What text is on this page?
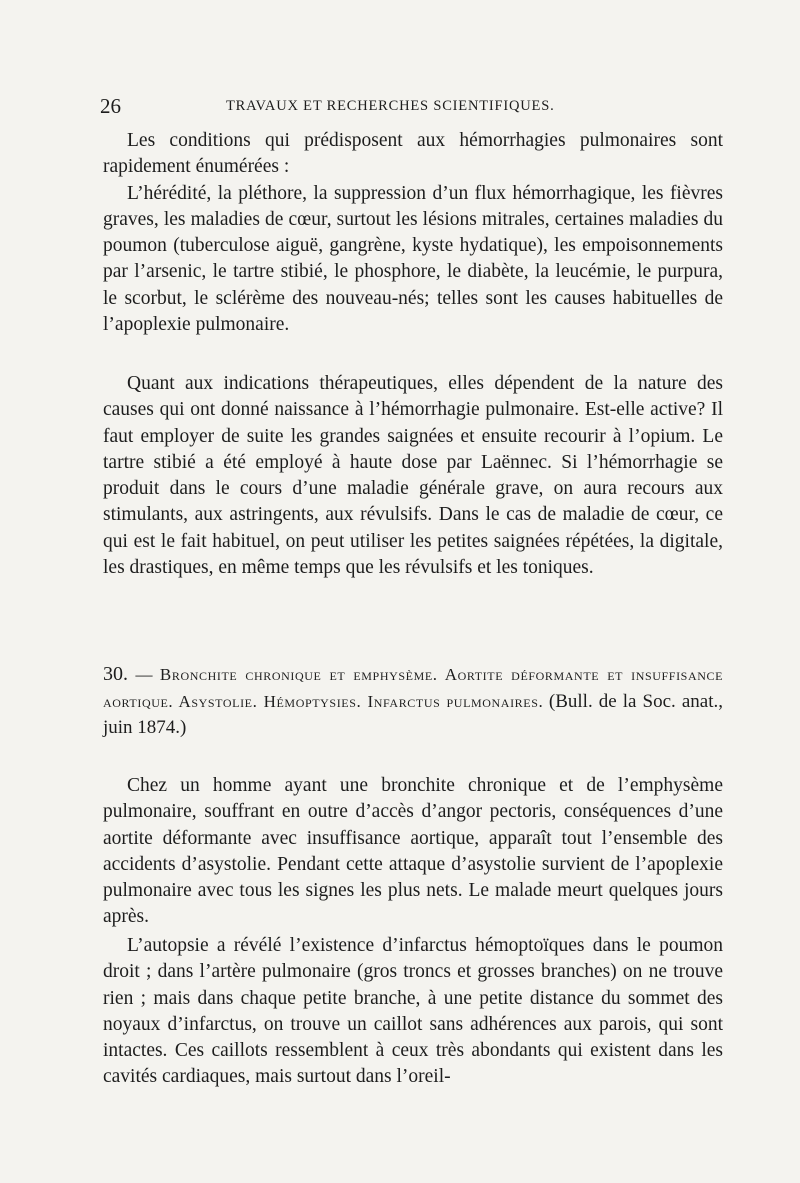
26	TRAVAUX ET RECHERCHES SCIENTIFIQUES.

Les conditions qui prédisposent aux hémorrhagies pulmonaires sont rapidement énumérées :

L’hérédité, la pléthore, la suppression d’un flux hémorrhagique, les fièvres graves, les maladies de cœur, surtout les lésions mitrales, certaines maladies du poumon (tuberculose aiguë, gangrène, kyste hydatique), les empoisonnements par l’arsenic, le tartre stibié, le phosphore, le diabète, la leucémie, le purpura, le scorbut, le sclérème des nouveau-nés; telles sont les causes habituelles de l’apoplexie pulmonaire.

Quant aux indications thérapeutiques, elles dépendent de la nature des causes qui ont donné naissance à l’hémorrhagie pulmonaire. Est-elle active? Il faut employer de suite les grandes saignées et ensuite recourir à l’opium. Le tartre stibié a été employé à haute dose par Laënnec. Si l’hémorrhagie se produit dans le cours d’une maladie générale grave, on aura recours aux stimulants, aux astringents, aux révulsifs. Dans le cas de maladie de cœur, ce qui est le fait habituel, on peut utiliser les petites saignées répétées, la digitale, les drastiques, en même temps que les révulsifs et les toniques.

30. — Bronchite chronique et emphysème. Aortite déformante et insuffisance aortique. Asystolie. Hémoptysies. Infarctus pulmonaires. (Bull. de la Soc. anat., juin 1874.)

Chez un homme ayant une bronchite chronique et de l’emphysème pulmonaire, souffrant en outre d’accès d’angor pectoris, conséquences d’une aortite déformante avec insuffisance aortique, apparaît tout l’ensemble des accidents d’asystolie. Pendant cette attaque d’asystolie survient de l’apoplexie pulmonaire avec tous les signes les plus nets. Le malade meurt quelques jours après.

L’autopsie a révélé l’existence d’infarctus hémoptoïques dans le poumon droit ; dans l’artère pulmonaire (gros troncs et grosses branches) on ne trouve rien ; mais dans chaque petite branche, à une petite distance du sommet des noyaux d’infarctus, on trouve un caillot sans adhérences aux parois, qui sont intactes. Ces caillots ressemblent à ceux très abondants qui existent dans les cavités cardiaques, mais surtout dans l’oreil-
